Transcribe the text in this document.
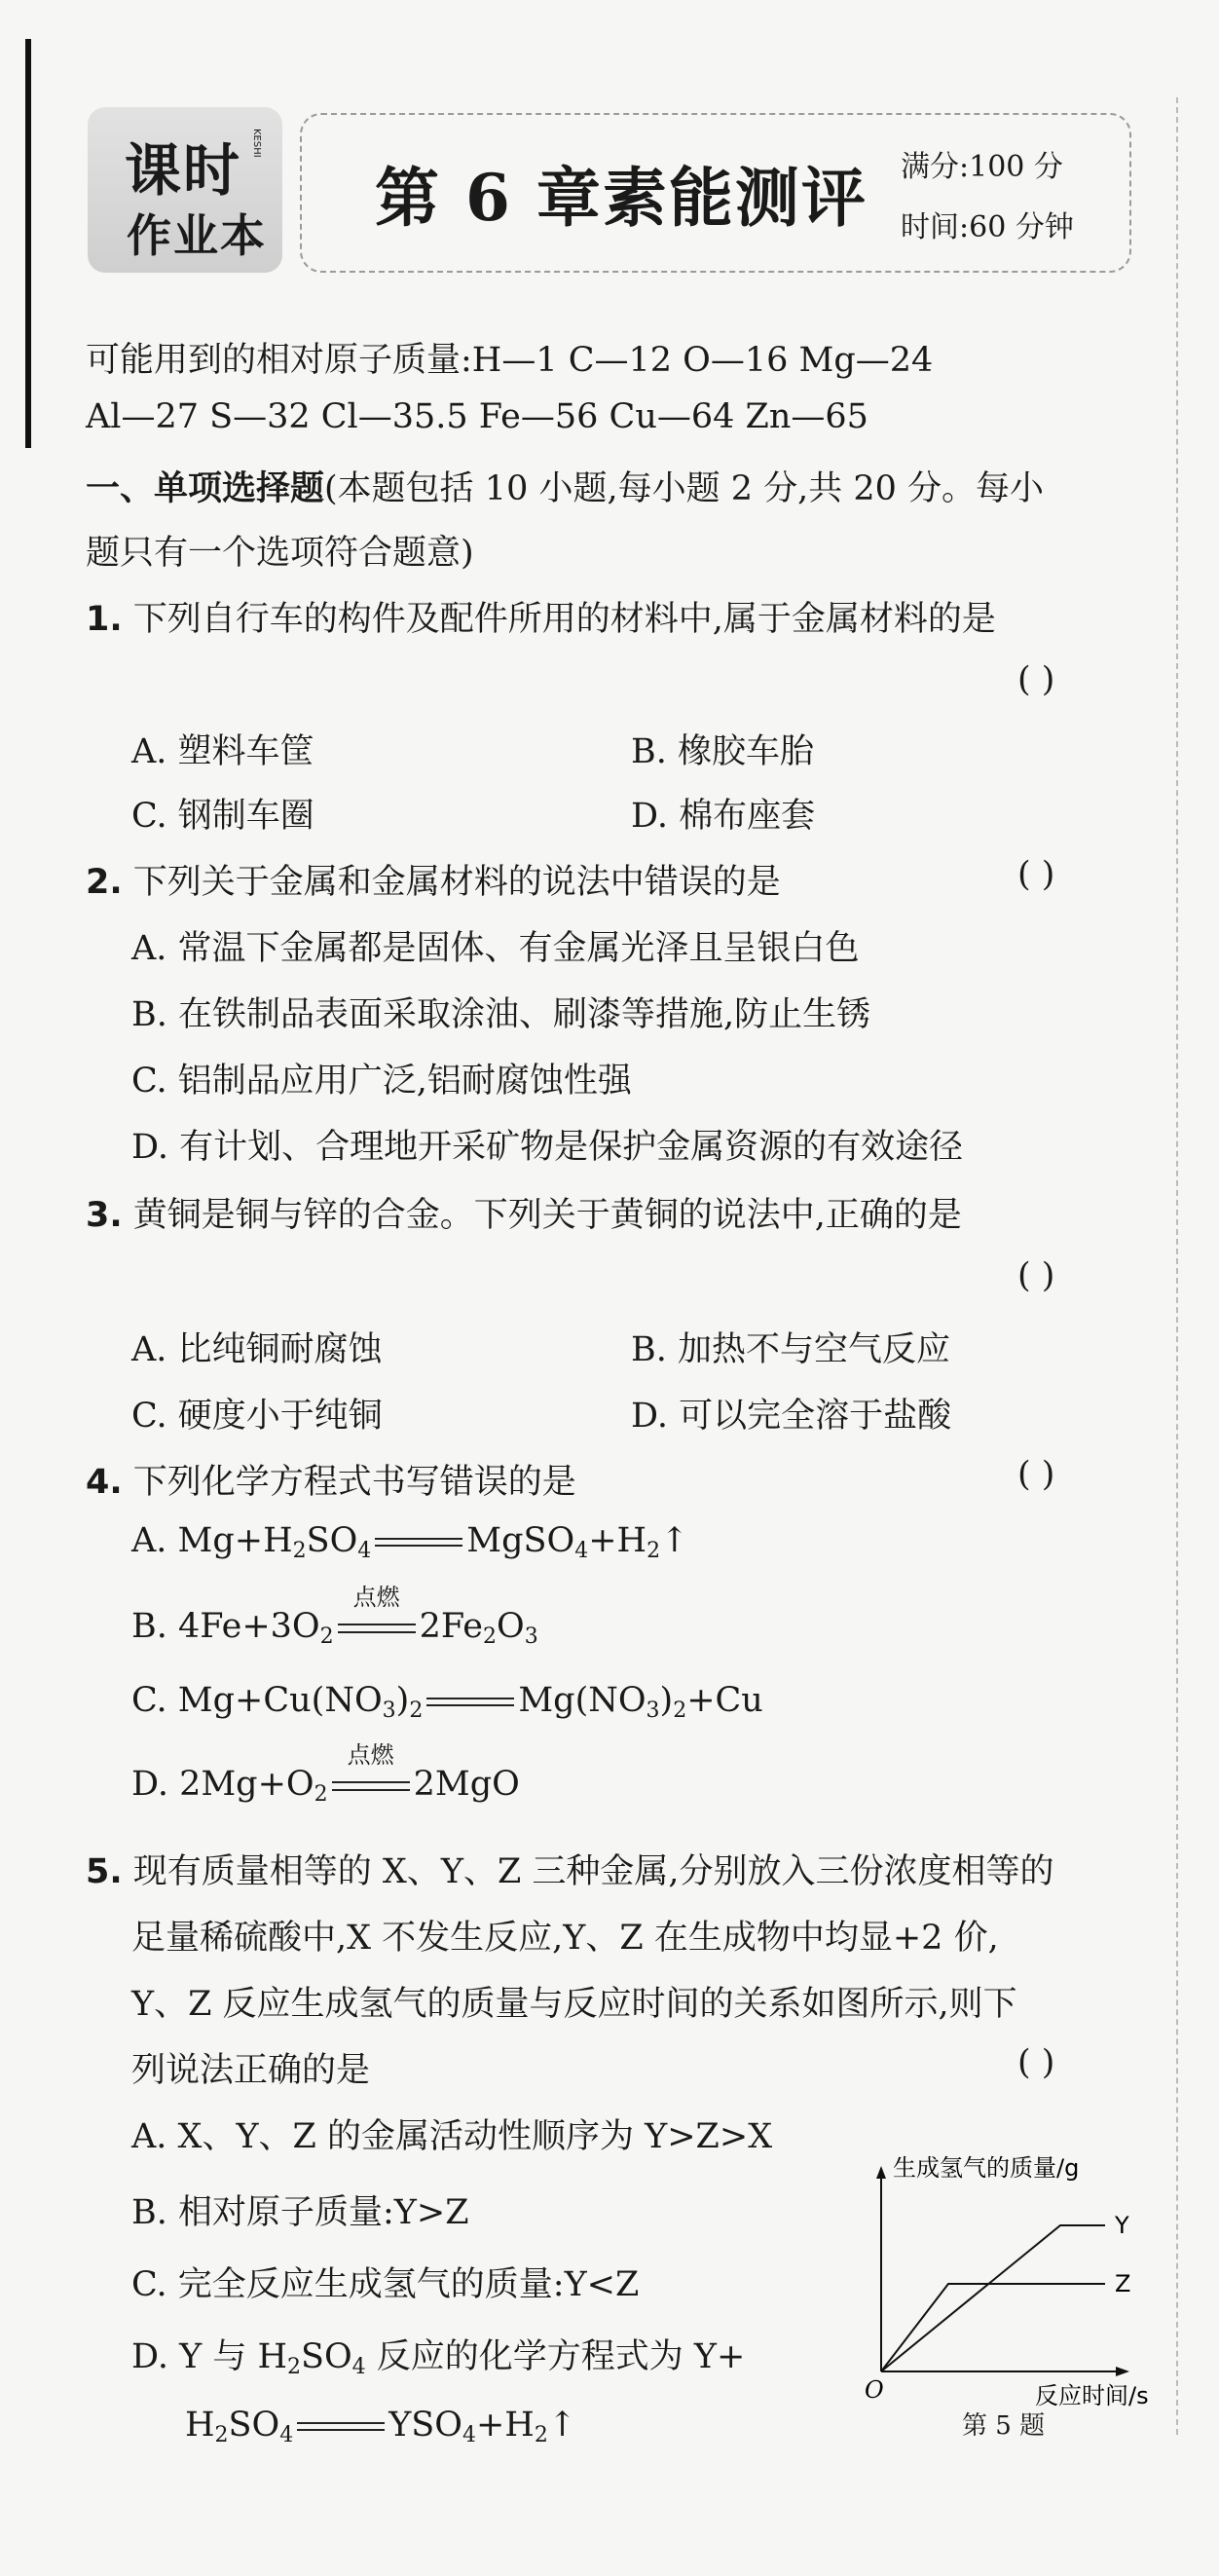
课时
作业本
KESHI
第 6 章素能测评 满分:100 分
时间:60 分钟
可能用到的相对原子质量:H—1 C—12 O—16 Mg—24
Al—27 S—32 Cl—35.5 Fe—56 Cu—64 Zn—65
一、单项选择题(本题包括 10 小题,每小题 2 分,共 20 分。每小
题只有一个选项符合题意)
1. 下列自行车的构件及配件所用的材料中,属于金属材料的是
( )
A. 塑料车筐	B. 橡胶车胎
C. 钢制车圈	D. 棉布座套
2. 下列关于金属和金属材料的说法中错误的是	( )
A. 常温下金属都是固体、有金属光泽且呈银白色
B. 在铁制品表面采取涂油、刷漆等措施,防止生锈
C. 铝制品应用广泛,铝耐腐蚀性强
D. 有计划、合理地开采矿物是保护金属资源的有效途径
3. 黄铜是铜与锌的合金。下列关于黄铜的说法中,正确的是
( )
A. 比纯铜耐腐蚀	B. 加热不与空气反应
C. 硬度小于纯铜	D. 可以完全溶于盐酸
4. 下列化学方程式书写错误的是	( )
A. $Mg+H_2SO_4$	$MgSO_4+H_2↑$
B. $4Fe+3O_2$
点燃
$2Fe_2O_3$
C. $Mg+Cu(NO_3)_2$	$Mg(NO_3)_2+Cu$
D. $2Mg+O_2$
点燃
2MgO
5. 现有质量相等的 X、Y、Z 三种金属,分别放入三份浓度相等的
足量稀硫酸中,X 不发生反应,Y、Z 在生成物中均显+2 价,
Y、Z 反应生成氢气的质量与反应时间的关系如图所示,则下
列说法正确的是	( )
A. X、Y、Z 的金属活动性顺序为 Y>Z>X
B. 相对原子质量:Y>Z
C. 完全反应生成氢气的质量:Y<Z
D. Y 与 $H_2SO_4$ 反应的化学方程式为 Y+
$H_2SO_4$	$YSO_4+H_2↑$
生成氢气的质量/g
O	反应时间/s
Y
Z
第 5 题
